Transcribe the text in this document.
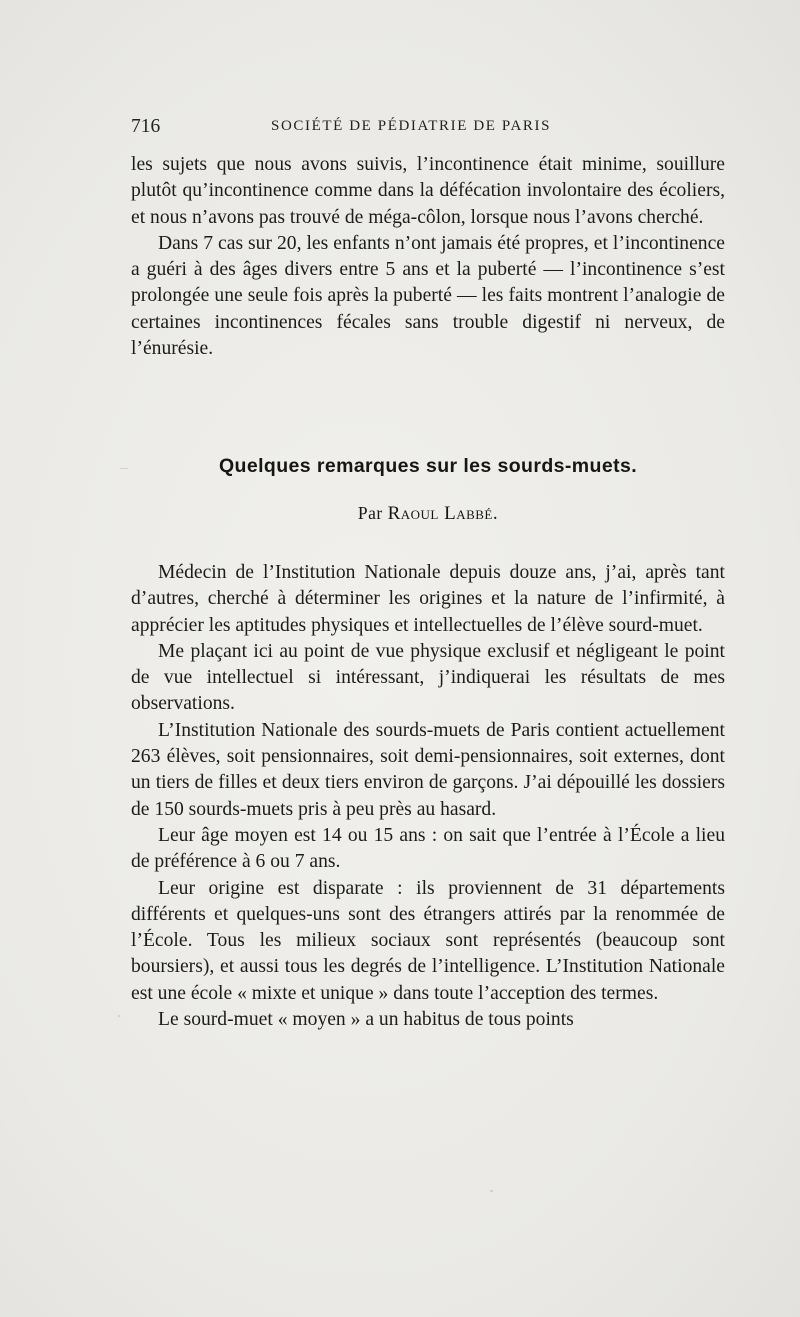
716	SOCIÉTÉ DE PÉDIATRIE DE PARIS

les sujets que nous avons suivis, l’incontinence était minime, souillure plutôt qu’incontinence comme dans la défécation involontaire des écoliers, et nous n’avons pas trouvé de méga-côlon, lorsque nous l’avons cherché.

Dans 7 cas sur 20, les enfants n’ont jamais été propres, et l’incontinence a guéri à des âges divers entre 5 ans et la puberté — l’incontinence s’est prolongée une seule fois après la puberté — les faits montrent l’analogie de certaines incontinences fécales sans trouble digestif ni nerveux, de l’énurésie.

Quelques remarques sur les sourds-muets.
Par Raoul Labbé.

Médecin de l’Institution Nationale depuis douze ans, j’ai, après tant d’autres, cherché à déterminer les origines et la nature de l’infirmité, à apprécier les aptitudes physiques et intellectuelles de l’élève sourd-muet.

Me plaçant ici au point de vue physique exclusif et négligeant le point de vue intellectuel si intéressant, j’indiquerai les résultats de mes observations.

L’Institution Nationale des sourds-muets de Paris contient actuellement 263 élèves, soit pensionnaires, soit demi-pensionnaires, soit externes, dont un tiers de filles et deux tiers environ de garçons. J’ai dépouillé les dossiers de 150 sourds-muets pris à peu près au hasard.

Leur âge moyen est 14 ou 15 ans : on sait que l’entrée à l’École a lieu de préférence à 6 ou 7 ans.

Leur origine est disparate : ils proviennent de 31 départements différents et quelques-uns sont des étrangers attirés par la renommée de l’École. Tous les milieux sociaux sont représentés (beaucoup sont boursiers), et aussi tous les degrés de l’intelligence. L’Institution Nationale est une école « mixte et unique » dans toute l’acception des termes.

Le sourd-muet « moyen » a un habitus de tous points
